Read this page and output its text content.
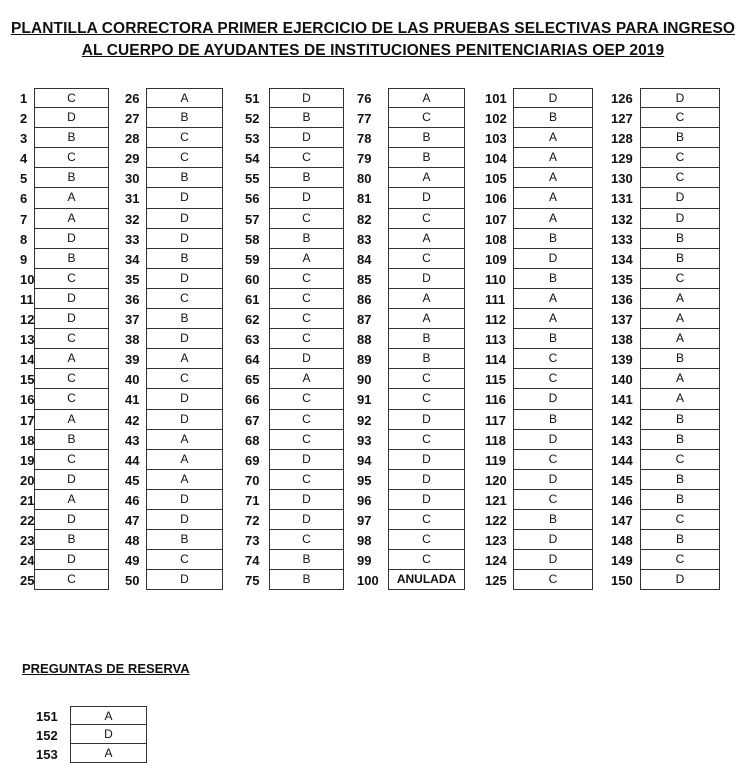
PLANTILLA CORRECTORA PRIMER EJERCICIO DE LAS PRUEBAS SELECTIVAS PARA INGRESO
AL CUERPO DE AYUDANTES DE INSTITUCIONES PENITENCIARIAS OEP 2019
1	C
2	D
3	B
4	C
5	B
6	A
7	A
8	D
9	B
10	C
11	D
12	D
13	C
14	A
15	C
16	C
17	A
18	B
19	C
20	D
21	A
22	D
23	B
24	D
25	C
26	A
27	B
28	C
29	C
30	B
31	D
32	D
33	D
34	B
35	D
36	C
37	B
38	D
39	A
40	C
41	D
42	D
43	A
44	A
45	A
46	D
47	D
48	B
49	C
50	D
51	D
52	B
53	D
54	C
55	B
56	D
57	C
58	B
59	A
60	C
61	C
62	C
63	C
64	D
65	A
66	C
67	C
68	C
69	D
70	C
71	D
72	D
73	C
74	B
75	B
76	A
77	C
78	B
79	B
80	A
81	D
82	C
83	A
84	C
85	D
86	A
87	A
88	B
89	B
90	C
91	C
92	D
93	C
94	D
95	D
96	D
97	C
98	C
99	C
100	ANULADA
101	D
102	B
103	A
104	A
105	A
106	A
107	A
108	B
109	D
110	B
111	A
112	A
113	B
114	C
115	C
116	D
117	B
118	D
119	C
120	D
121	C
122	B
123	D
124	D
125	C
126	D
127	C
128	B
129	C
130	C
131	D
132	D
133	B
134	B
135	C
136	A
137	A
138	A
139	B
140	A
141	A
142	B
143	B
144	C
145	B
146	B
147	C
148	B
149	C
150	D
PREGUNTAS DE RESERVA
151	A
152	D
153	A
